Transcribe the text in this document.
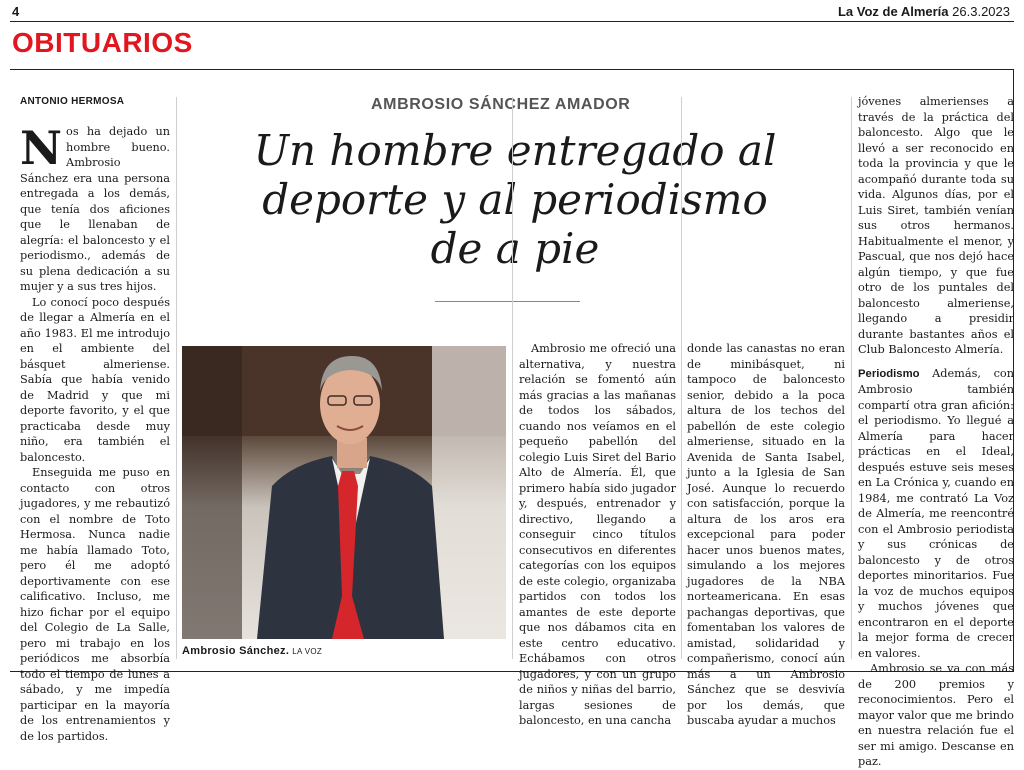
4	La Voz de Almería 26.3.2023
OBITUARIOS
ANTONIO HERMOSA

Nos ha dejado un hombre bueno. Ambrosio Sánchez era una persona entregada a los demás, que tenía dos aficiones que le llenaban de alegría: el baloncesto y el periodismo., además de su plena dedicación a su mujer y a sus tres hijos.

Lo conocí poco después de llegar a Almería en el año 1983. El me introdujo en el ambiente del básquet almeriense. Sabía que había venido de Madrid y que mi deporte favorito, y el que practicaba desde muy niño, era también el baloncesto.

Enseguida me puso en contacto con otros jugadores, y me rebautizó con el nombre de Toto Hermosa. Nunca nadie me había llamado Toto, pero él me adoptó deportivamente con ese calificativo. Incluso, me hizo fichar por el equipo del Colegio de La Salle, pero mi trabajo en los periódicos me absorbía todo el tiempo de lunes a sábado, y me impedía participar en la mayoría de los entrenamientos y de los partidos.

AMBROSIO SÁNCHEZ AMADOR
Un hombre entregado al deporte y al periodismo de a pie
Ambrosio Sánchez. LA VOZ

Ambrosio me ofreció una alternativa, y nuestra relación se fomentó aún más gracias a las mañanas de todos los sábados, cuando nos veíamos en el pequeño pabellón del colegio Luis Siret del Bario Alto de Almería. Él, que primero había sido jugador y, después, entrenador y directivo, llegando a conseguir cinco títulos consecutivos en diferentes categorías con los equipos de este colegio, organizaba partidos con todos los amantes de este deporte que nos dábamos cita en este centro educativo. Echábamos con otros jugadores, y con un grupo de niños y niñas del barrio, largas sesiones de baloncesto, en una cancha

donde las canastas no eran de minibásquet, ni tampoco de baloncesto senior, debido a la poca altura de los techos del pabellón de este colegio almeriense, situado en la Avenida de Santa Isabel, junto a la Iglesia de San José. Aunque lo recuerdo con satisfacción, porque la altura de los aros era excepcional para poder hacer unos buenos mates, simulando a los mejores jugadores de la NBA norteamericana. En esas pachangas deportivas, que fomentaban los valores de amistad, solidaridad y compañerismo, conocí aún más a un Ambrosio Sánchez que se desvivía por los demás, que buscaba ayudar a muchos

jóvenes almerienses a través de la práctica del baloncesto. Algo que le llevó a ser reconocido en toda la provincia y que le acompañó durante toda su vida. Algunos días, por el Luis Siret, también venían sus otros hermanos. Habitualmente el menor, y Pascual, que nos dejó hace algún tiempo, y que fue otro de los puntales del baloncesto almeriense, llegando a presidir durante bastantes años el Club Baloncesto Almería.

Periodismo Además, con Ambrosio también compartí otra gran afición: el periodismo. Yo llegué a Almería para hacer prácticas en el Ideal, después estuve seis meses en La Crónica y, cuando en 1984, me contrató La Voz de Almería, me reencontré con el Ambrosio periodista y sus crónicas de baloncesto y de otros deportes minoritarios. Fue la voz de muchos equipos y muchos jóvenes que encontraron en el deporte la mejor forma de crecer en valores.

Ambrosio se va con más de 200 premios y reconocimientos. Pero el mayor valor que me brindo en nuestra relación fue el ser mi amigo. Descanse en paz.
